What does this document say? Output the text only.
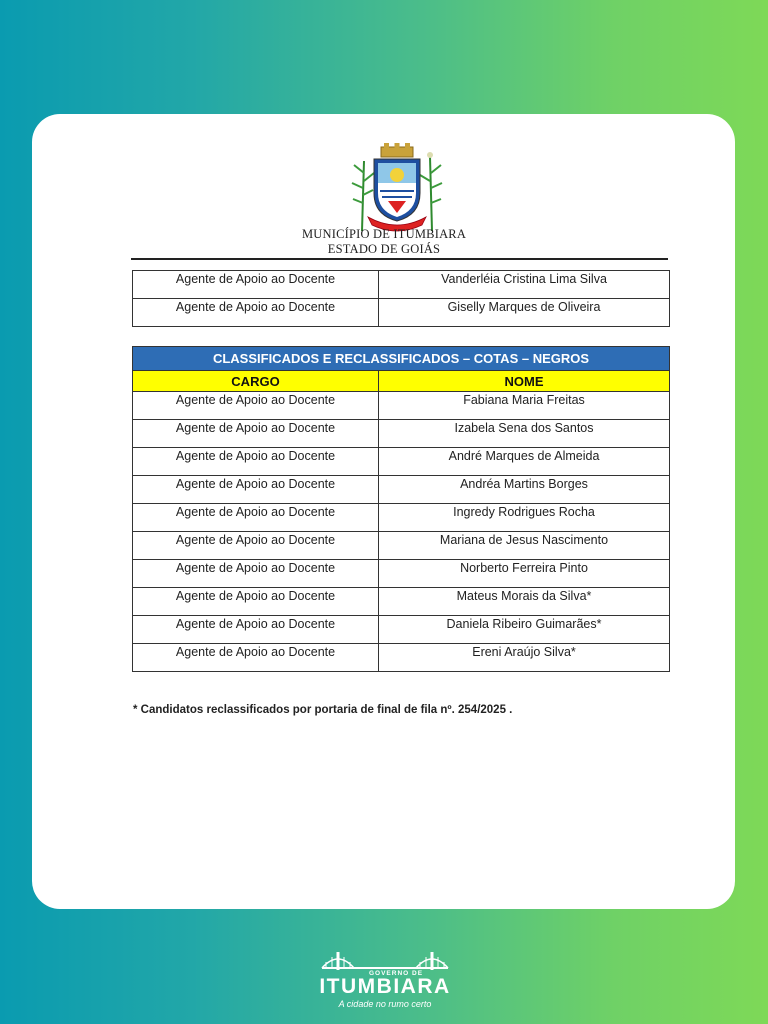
MUNICÍPIO DE ITUMBIARA
ESTADO DE GOIÁS
Agente de Apoio ao Docente	Vanderléia Cristina Lima Silva
Agente de Apoio ao Docente	Giselly Marques de Oliveira
CLASSIFICADOS E RECLASSIFICADOS – COTAS – NEGROS	
CARGO	NOME
Agente de Apoio ao Docente	Fabiana Maria Freitas
Agente de Apoio ao Docente	Izabela Sena dos Santos
Agente de Apoio ao Docente	André Marques de Almeida
Agente de Apoio ao Docente	Andréa Martins Borges
Agente de Apoio ao Docente	Ingredy Rodrigues Rocha
Agente de Apoio ao Docente	Mariana de Jesus Nascimento
Agente de Apoio ao Docente	Norberto Ferreira Pinto
Agente de Apoio ao Docente	Mateus Morais da Silva*
Agente de Apoio ao Docente	Daniela Ribeiro Guimarães*
Agente de Apoio ao Docente	Ereni Araújo Silva*
* Candidatos reclassificados por portaria de final de fila nº. 254/2025 .
GOVERNO DE
ITUMBIARA
A cidade no rumo certo
